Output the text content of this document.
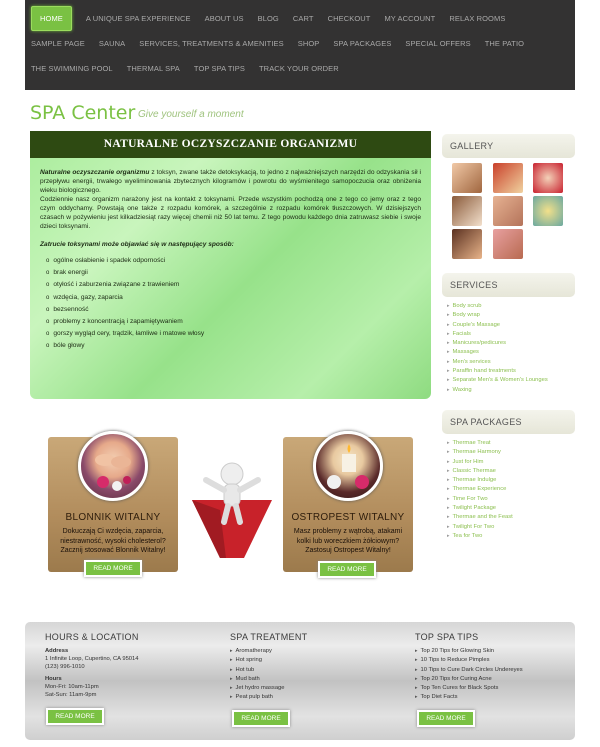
HOME	A UNIQUE SPA EXPERIENCE ABOUT US BLOG CART CHECKOUT MY ACCOUNT RELAX ROOMS
SAMPLE PAGE SAUNA SERVICES, TREATMENTS & AMENITIES SHOP SPA PACKAGES SPECIAL OFFERS THE PATIO
THE SWIMMING POOL THERMAL SPA TOP SPA TIPS TRACK YOUR ORDER
SPA Center Give yourself a moment
NATURALNE OCZYSZCZANIE ORGANIZMU

Naturalne oczyszczanie organizmu z toksyn, zwane także detoksykacją, to jedno z najważniejszych narzędzi do odzyskania sił i przepływu energii, trwałego wyeliminowania zbytecznych kilogramów i powrotu do wyśmienitego samopoczucia oraz obniżenia wieku biologicznego.

Codziennie nasz organizm narażony jest na kontakt z toksynami. Przede wszystkim pochodzą one z tego co jemy oraz z tego czym oddychamy. Powstają one także z rozpadu komórek, a szczególnie z rozpadu komórek tłuszczowych. W dzisiejszych czasach w pożywieniu jest kilkadziesiąt razy więcej chemii niż 50 lat temu. Z tego powodu każdego dnia zatruwasz siebie i swoje dzieci toksynami.

Zatrucie toksynami może objawiać się w następujący sposób:

o ogólne osłabienie i spadek odporności
o brak energii
o otyłość i zaburzenia związane z trawieniem
o wzdęcia, gazy, zaparcia
o bezsenność
o problemy z koncentracją i zapamiętywaniem
o gorszy wygląd cery, trądzik, łamliwe i matowe włosy
o bóle głowy
BLONNIK WITALNY
Dokuczają Ci wzdęcia, zaparcia, niestrawność, wysoki cholesterol? Zacznij stosować Blonnik Witalny!
READ MORE
OSTROPEST WITALNY
Masz problemy z wątrobą, atakami kolki lub woreczkiem żółciowym? Zastosuj Ostropest Witalny!
READ MORE
GALLERY
SERVICES
▸ Body scrub
▸ Body wrap
▸ Couple's Massage
▸ Facials
▸ Manicures/pedicures
▸ Massages
▸ Men's services
▸ Paraffin hand treatments
▸ Separate Men's & Women's Lounges
▸ Waxing
SPA PACKAGES
▸ Thermae Treat
▸ Thermae Harmony
▸ Just for Him
▸ Classic Thermae
▸ Thermae Indulge
▸ Thermae Experience
▸ Time For Two
▸ Twilight Package
▸ Thermae and the Feast
▸ Twilight For Two
▸ Tea for Two
HOURS & LOCATION
Address
1 Infinite Loop, Cupertino, CA 95014
(123) 996-1010
Hours
Mon-Fri: 10am-11pm
Sat-Sun: 11am-9pm
READ MORE
SPA TREATMENT
▸ Aromatherapy
▸ Hot spring
▸ Hot tub
▸ Mud bath
▸ Jet hydro massage
▸ Peat pulp bath
READ MORE
TOP SPA TIPS
▸ Top 20 Tips for Glowing Skin
▸ 10 Tips to Reduce Pimples
▸ 10 Tips to Cure Dark Circles Undereyes
▸ Top 20 Tips for Curing Acne
▸ Top Ten Cures for Black Spots
▸ Top Diet Facts
READ MORE
